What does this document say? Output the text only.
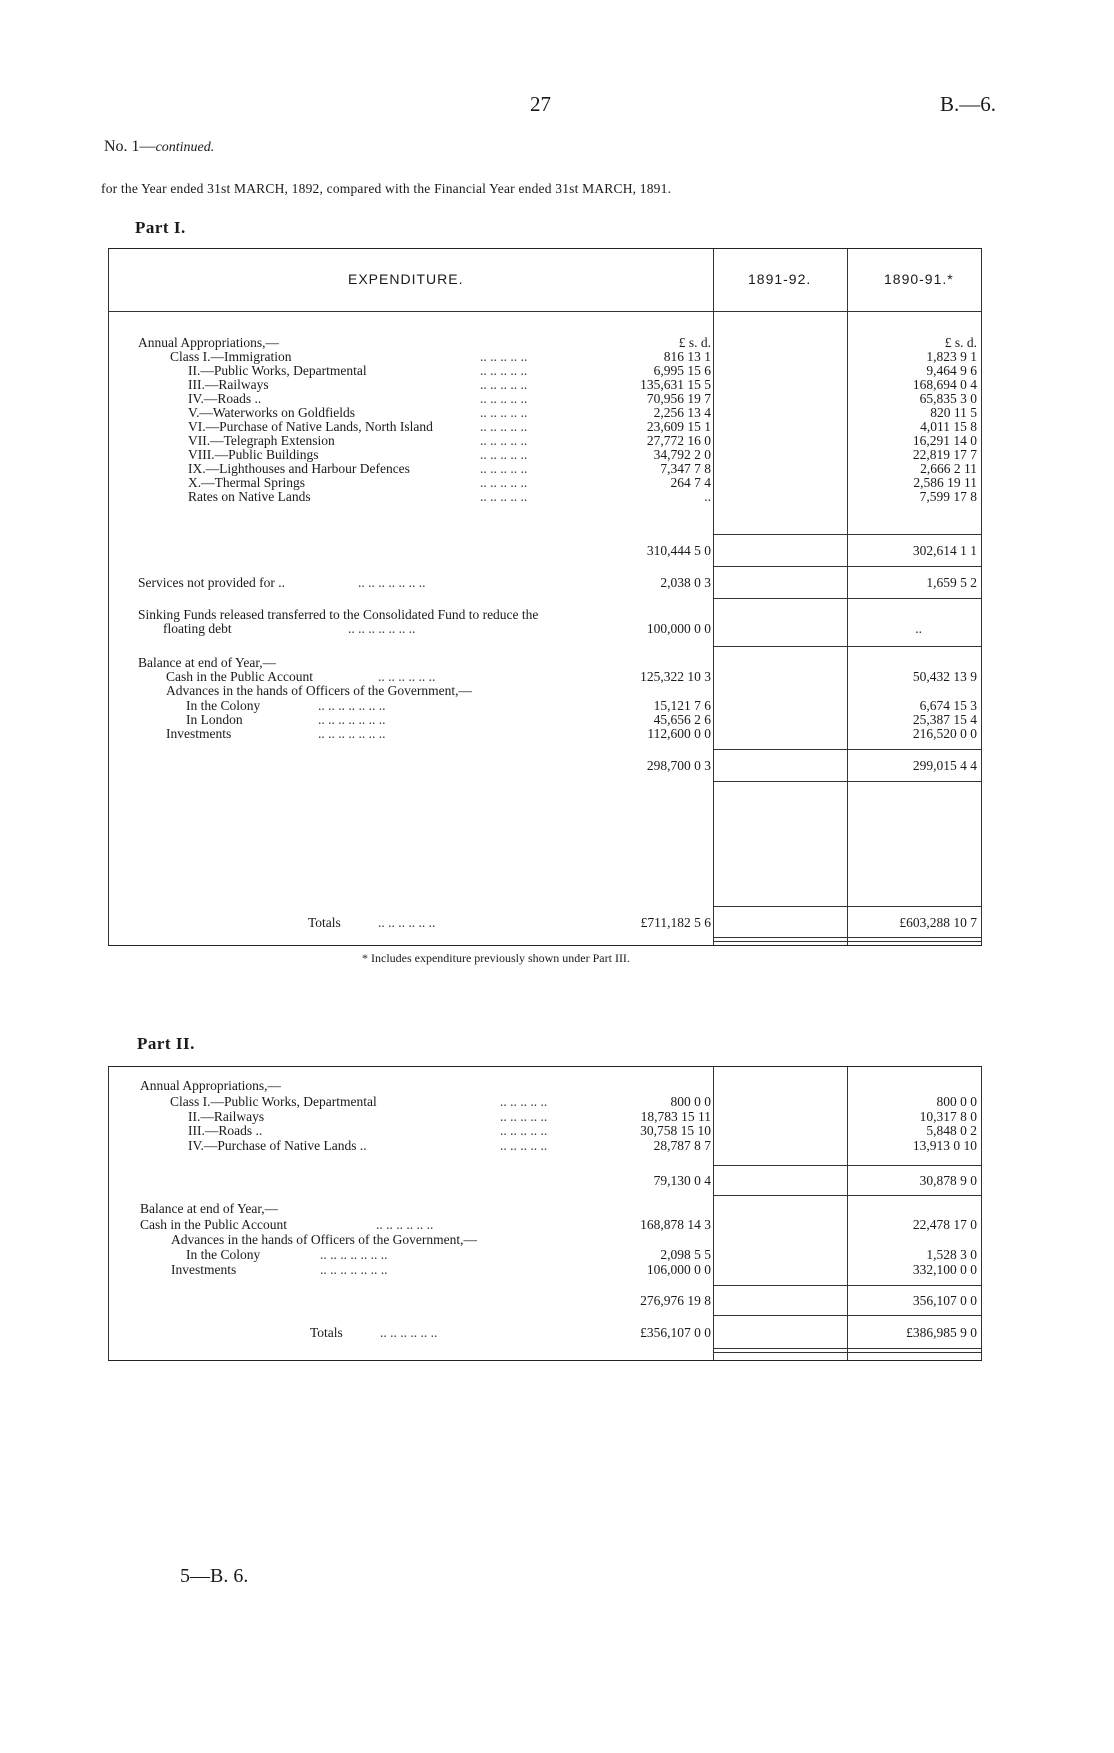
27	B.—6.
No. 1—continued.
for the Year ended 31st MARCH, 1892, compared with the Financial Year ended 31st MARCH, 1891.
Part I.
EXPENDITURE.	1891-92.	1890-91.*
Annual Appropriations,—	£ s. d.	£ s. d.
Class I.—Immigration	.. .. .. .. ..	816 13 1	1,823 9 1
II.—Public Works, Departmental	.. .. .. .. ..	6,995 15 6	9,464 9 6
III.—Railways	.. .. .. .. ..	135,631 15 5	168,694 0 4
IV.—Roads ..	.. .. .. .. ..	70,956 19 7	65,835 3 0
V.—Waterworks on Goldfields	.. .. .. .. ..	2,256 13 4	820 11 5
VI.—Purchase of Native Lands, North Island	.. .. .. .. ..	23,609 15 1	4,011 15 8
VII.—Telegraph Extension	.. .. .. .. ..	27,772 16 0	16,291 14 0
VIII.—Public Buildings	.. .. .. .. ..	34,792 2 0	22,819 17 7
IX.—Lighthouses and Harbour Defences	.. .. .. .. ..	7,347 7 8	2,666 2 11
X.—Thermal Springs	.. .. .. .. ..	264 7 4	2,586 19 11
Rates on Native Lands	.. .. .. .. ..	..	7,599 17 8
310,444 5 0	302,614 1 1
Services not provided for ..	.. .. .. .. .. .. ..	2,038 0 3	1,659 5 2
Sinking Funds released transferred to the Consolidated Fund to reduce the
floating debt	.. .. .. .. .. .. ..	100,000 0 0	..
Balance at end of Year,—
Cash in the Public Account	.. .. .. .. .. ..	125,322 10 3	50,432 13 9
Advances in the hands of Officers of the Government,—
In the Colony	.. .. .. .. .. .. ..	15,121 7 6	6,674 15 3
In London	.. .. .. .. .. .. ..	45,656 2 6	25,387 15 4
Investments	.. .. .. .. .. .. ..	112,600 0 0	216,520 0 0
298,700 0 3	299,015 4 4
Totals	.. .. .. .. .. ..	£711,182 5 6	£603,288 10 7
* Includes expenditure previously shown under Part III.
Part II.
Annual Appropriations,—
Class I.—Public Works, Departmental	.. .. .. .. ..	800 0 0	800 0 0
II.—Railways	.. .. .. .. ..	18,783 15 11	10,317 8 0
III.—Roads ..	.. .. .. .. ..	30,758 15 10	5,848 0 2
IV.—Purchase of Native Lands ..	.. .. .. .. ..	28,787 8 7	13,913 0 10
79,130 0 4	30,878 9 0
Balance at end of Year,—
Cash in the Public Account	.. .. .. .. .. ..	168,878 14 3	22,478 17 0
Advances in the hands of Officers of the Government,—
In the Colony	.. .. .. .. .. .. ..	2,098 5 5	1,528 3 0
Investments	.. .. .. .. .. .. ..	106,000 0 0	332,100 0 0
276,976 19 8	356,107 0 0
Totals	.. .. .. .. .. ..	£356,107 0 0	£386,985 9 0
5—B. 6.
